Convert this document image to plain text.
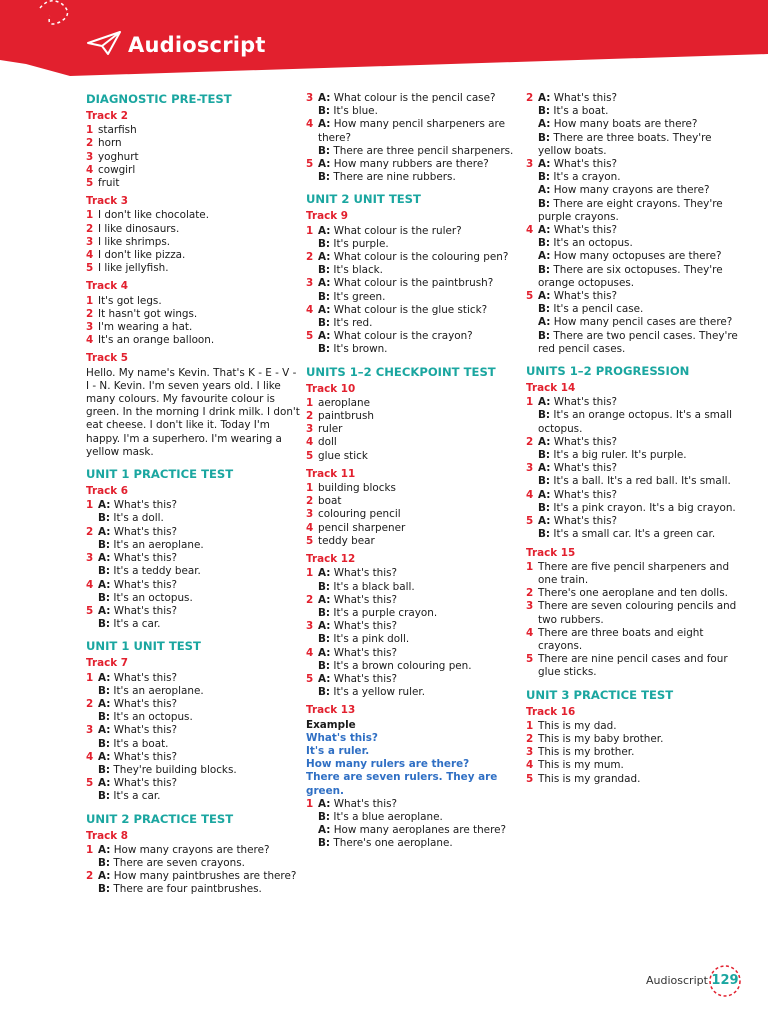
Audioscript
DIAGNOSTIC PRE-TEST
Track 2
1 starfish
2 horn
3 yoghurt
4 cowgirl
5 fruit
Track 3
1 I don't like chocolate.
2 I like dinosaurs.
3 I like shrimps.
4 I don't like pizza.
5 I like jellyfish.
Track 4
1 It's got legs.
2 It hasn't got wings.
3 I'm wearing a hat.
4 It's an orange balloon.
Track 5

Hello. My name's Kevin. That's K - E - V - I - N. Kevin. I'm seven years old. I like many colours. My favourite colour is green. In the morning I drink milk. I don't eat cheese. I don't like it. Today I'm happy. I'm a superhero. I'm wearing a yellow mask.

UNIT 1 PRACTICE TEST
Track 6
1 A: What's this?
B: It's a doll.
2 A: What's this?
B: It's an aeroplane.
3 A: What's this?
B: It's a teddy bear.
4 A: What's this?
B: It's an octopus.
5 A: What's this?
B: It's a car.
UNIT 1 UNIT TEST
Track 7
1 A: What's this?
B: It's an aeroplane.
2 A: What's this?
B: It's an octopus.
3 A: What's this?
B: It's a boat.
4 A: What's this?
B: They're building blocks.
5 A: What's this?
B: It's a car.
UNIT 2 PRACTICE TEST
Track 8
1 A: How many crayons are there?
B: There are seven crayons.
2 A: How many paintbrushes are there?
B: There are four paintbrushes.
3 A: What colour is the pencil case?
B: It's blue.
4 A: How many pencil sharpeners are there?
B: There are three pencil sharpeners.
5 A: How many rubbers are there?
B: There are nine rubbers.
UNIT 2 UNIT TEST
Track 9
1 A: What colour is the ruler?
B: It's purple.
2 A: What colour is the colouring pen?
B: It's black.
3 A: What colour is the paintbrush?
B: It's green.
4 A: What colour is the glue stick?
B: It's red.
5 A: What colour is the crayon?
B: It's brown.
UNITS 1–2 CHECKPOINT TEST
Track 10
1 aeroplane
2 paintbrush
3 ruler
4 doll
5 glue stick
Track 11
1 building blocks
2 boat
3 colouring pencil
4 pencil sharpener
5 teddy bear
Track 12
1 A: What's this?
B: It's a black ball.
2 A: What's this?
B: It's a purple crayon.
3 A: What's this?
B: It's a pink doll.
4 A: What's this?
B: It's a brown colouring pen.
5 A: What's this?
B: It's a yellow ruler.
Track 13
Example
What's this?
It's a ruler.
How many rulers are there?
There are seven rulers. They are green.
1 A: What's this?
B: It's a blue aeroplane.
A: How many aeroplanes are there?
B: There's one aeroplane.
2 A: What's this?
B: It's a boat.
A: How many boats are there?
B: There are three boats. They're yellow boats.
3 A: What's this?
B: It's a crayon.
A: How many crayons are there?
B: There are eight crayons. They're purple crayons.
4 A: What's this?
B: It's an octopus.
A: How many octopuses are there?
B: There are six octopuses. They're orange octopuses.
5 A: What's this?
B: It's a pencil case.
A: How many pencil cases are there?
B: There are two pencil cases. They're red pencil cases.
UNITS 1–2 PROGRESSION
Track 14
1 A: What's this?
B: It's an orange octopus. It's a small octopus.
2 A: What's this?
B: It's a big ruler. It's purple.
3 A: What's this?
B: It's a ball. It's a red ball. It's small.
4 A: What's this?
B: It's a pink crayon. It's a big crayon.
5 A: What's this?
B: It's a small car. It's a green car.
Track 15
1 There are five pencil sharpeners and one train.
2 There's one aeroplane and ten dolls.
3 There are seven colouring pencils and two rubbers.
4 There are three boats and eight crayons.
5 There are nine pencil cases and four glue sticks.
UNIT 3 PRACTICE TEST
Track 16
1 This is my dad.
2 This is my baby brother.
3 This is my brother.
4 This is my mum.
5 This is my grandad.
Audioscript 129
